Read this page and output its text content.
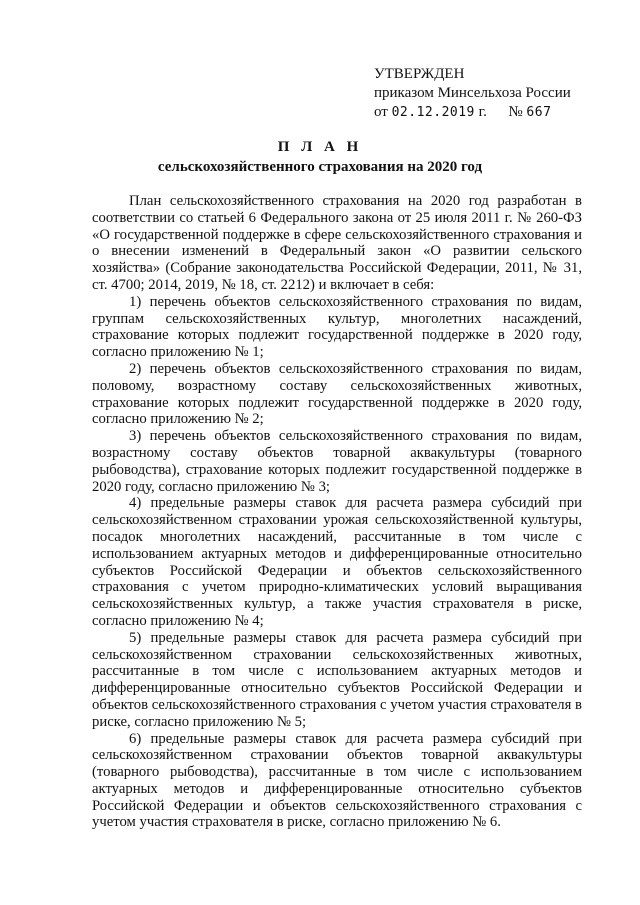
УТВЕРЖДЕН
приказом Минсельхоза России
от 02.12.2019 г. № 667
П Л А Н
сельскохозяйственного страхования на 2020 год

План сельскохозяйственного страхования на 2020 год разработан в соответствии со статьей 6 Федерального закона от 25 июля 2011 г. № 260-ФЗ «О государственной поддержке в сфере сельскохозяйственного страхования и о внесении изменений в Федеральный закон «О развитии сельского хозяйства» (Собрание законодательства Российской Федерации, 2011, № 31, ст. 4700; 2014, 2019, № 18, ст. 2212) и включает в себя:

1) перечень объектов сельскохозяйственного страхования по видам, группам сельскохозяйственных культур, многолетних насаждений, страхование которых подлежит государственной поддержке в 2020 году, согласно приложению № 1;

2) перечень объектов сельскохозяйственного страхования по видам, половому, возрастному составу сельскохозяйственных животных, страхование которых подлежит государственной поддержке в 2020 году, согласно приложению № 2;

3) перечень объектов сельскохозяйственного страхования по видам, возрастному составу объектов товарной аквакультуры (товарного рыбоводства), страхование которых подлежит государственной поддержке в 2020 году, согласно приложению № 3;

4) предельные размеры ставок для расчета размера субсидий при сельскохозяйственном страховании урожая сельскохозяйственной культуры, посадок многолетних насаждений, рассчитанные в том числе с использованием актуарных методов и дифференцированные относительно субъектов Российской Федерации и объектов сельскохозяйственного страхования с учетом природно-климатических условий выращивания сельскохозяйственных культур, а также участия страхователя в риске, согласно приложению № 4;

5) предельные размеры ставок для расчета размера субсидий при сельскохозяйственном страховании сельскохозяйственных животных, рассчитанные в том числе с использованием актуарных методов и дифференцированные относительно субъектов Российской Федерации и объектов сельскохозяйственного страхования с учетом участия страхователя в риске, согласно приложению № 5;

6) предельные размеры ставок для расчета размера субсидий при сельскохозяйственном страховании объектов товарной аквакультуры (товарного рыбоводства), рассчитанные в том числе с использованием актуарных методов и дифференцированные относительно субъектов Российской Федерации и объектов сельскохозяйственного страхования с учетом участия страхователя в риске, согласно приложению № 6.
